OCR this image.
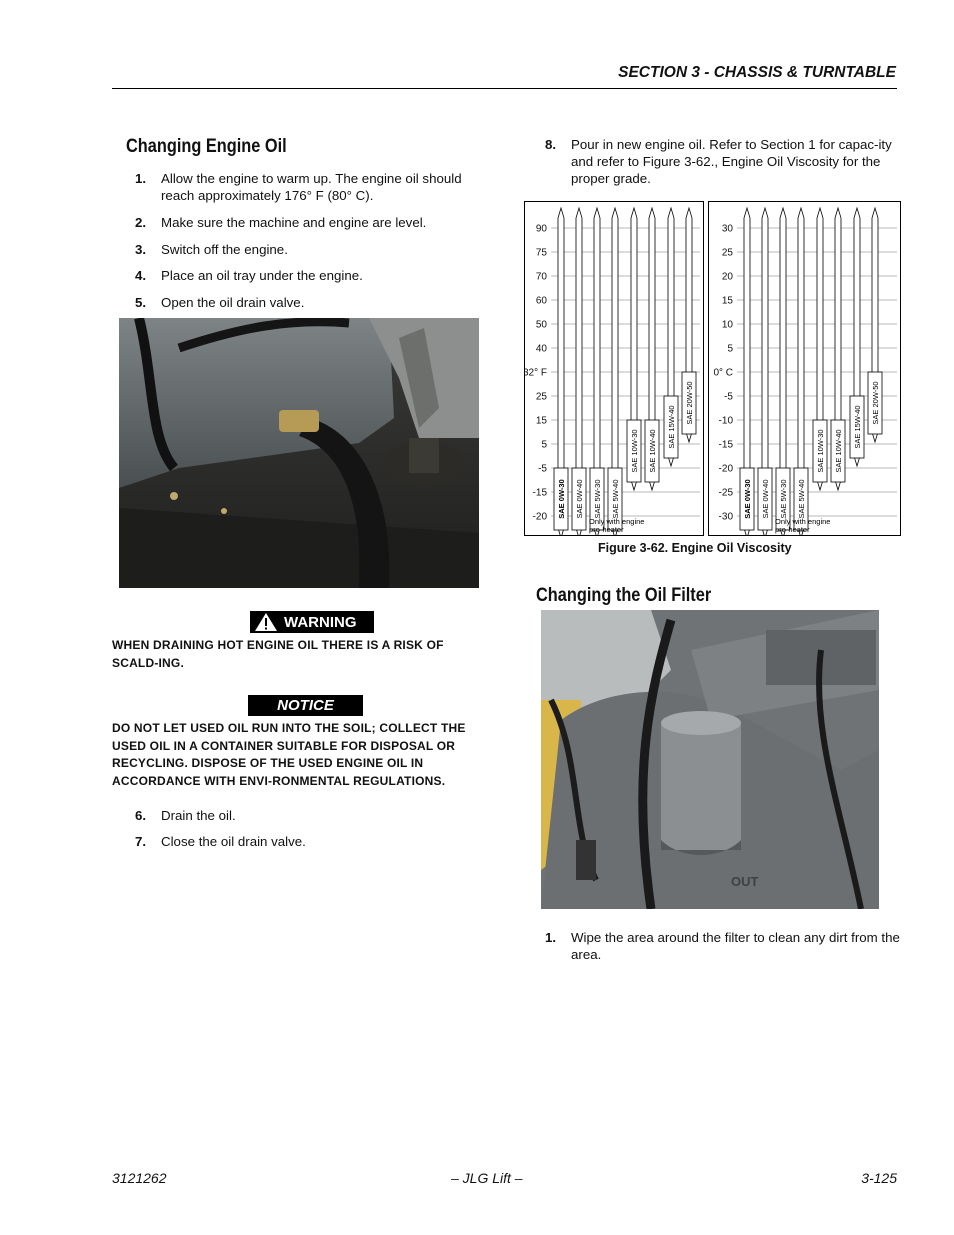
SECTION 3 - CHASSIS & TURNTABLE
Changing Engine Oil
1. Allow the engine to warm up. The engine oil should reach approximately 176° F (80° C).
2. Make sure the machine and engine are level.
3. Switch off the engine.
4. Place an oil tray under the engine.
5. Open the oil drain valve.
WARNING
WHEN DRAINING HOT ENGINE OIL THERE IS A RISK OF SCALD-ING.
NOTICE
DO NOT LET USED OIL RUN INTO THE SOIL; COLLECT THE USED OIL IN A CONTAINER SUITABLE FOR DISPOSAL OR RECYCLING. DISPOSE OF THE USED ENGINE OIL IN ACCORDANCE WITH ENVI-RONMENTAL REGULATIONS.
6. Drain the oil.
7. Close the oil drain valve.
8. Pour in new engine oil. Refer to Section 1 for capac-ity and refer to Figure 3-62., Engine Oil Viscosity for the proper grade.
90
75
70
60
50
40
32° F
25
15
5
-5
-15
-20 SAE 0W-30 SAE 0W-40 SAE 5W-30 SAE 5W-40
SAE 10W-30 SAE 10W-40
SAE 15W-40
SAE 20W-50
Only with engine
pre-heater
30
25
20
15
10
5
0° C
-5
-10
-15
-20
-25
-30 SAE 0W-30 SAE 0W-40 SAE 5W-30 SAE 5W-40
SAE 10W-30 SAE 10W-40
SAE 15W-40
SAE 20W-50
Only with engine
pre-heater
Figure 3-62. Engine Oil Viscosity
Changing the Oil Filter
OUT
1. Wipe the area around the filter to clean any dirt from the area.
3121262	– JLG Lift –	3-125
